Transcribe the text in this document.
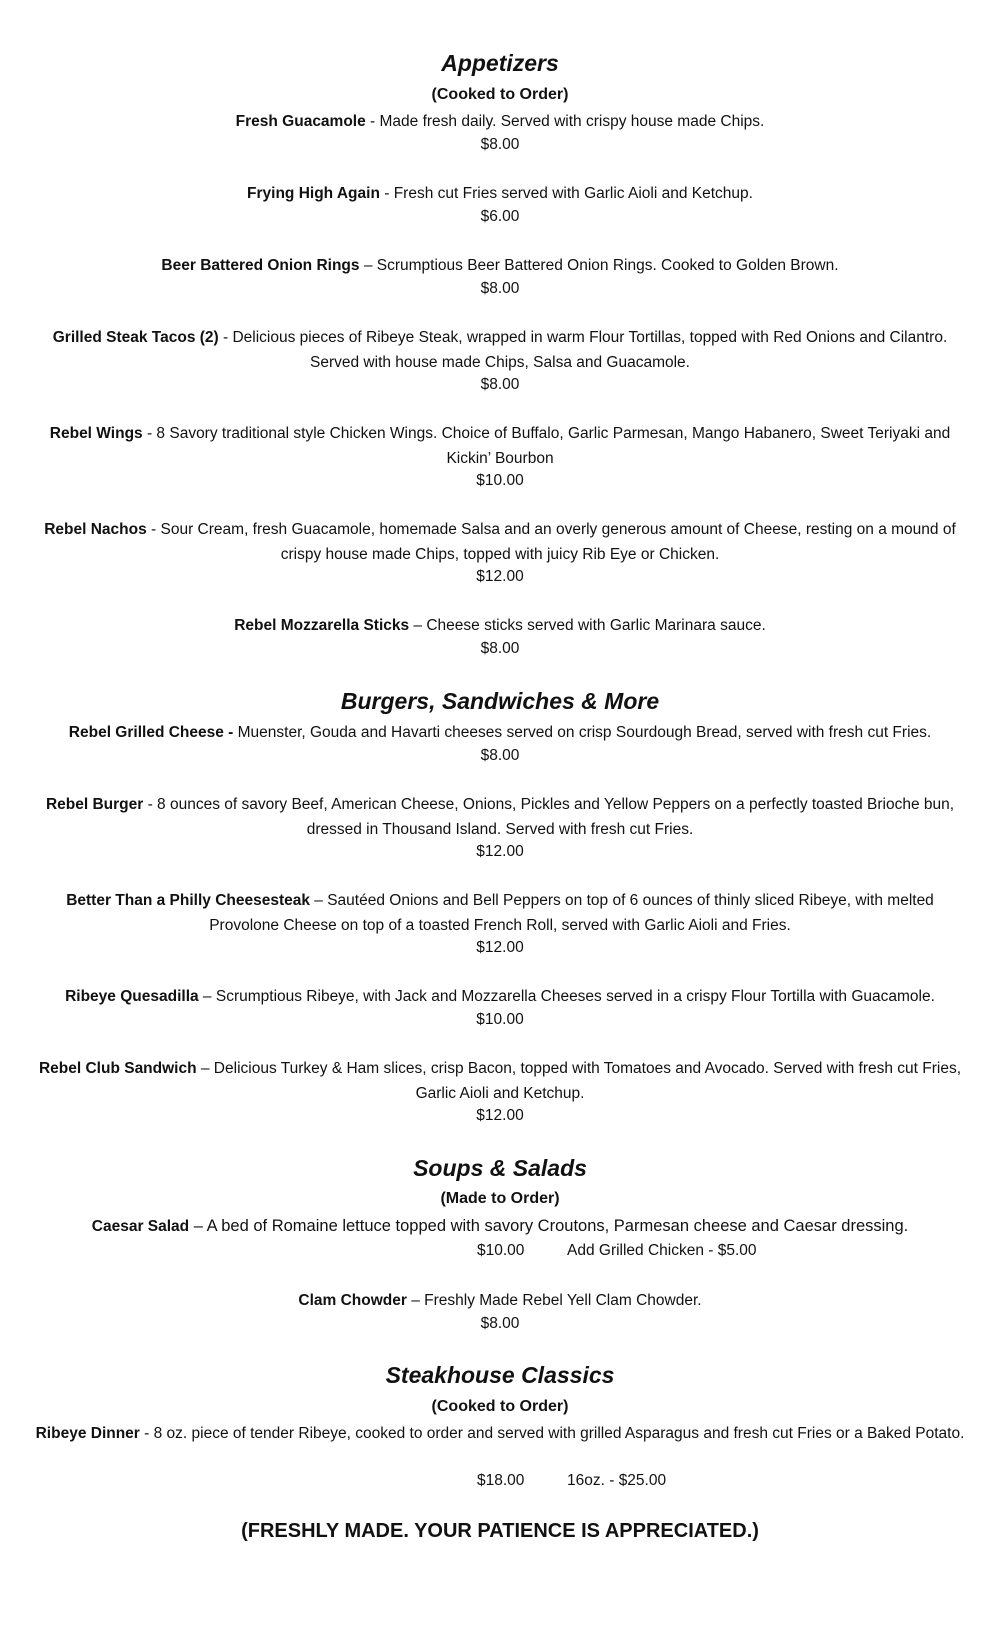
Appetizers
(Cooked to Order)

Fresh Guacamole - Made fresh daily. Served with crispy house made Chips.

$8.00

Frying High Again - Fresh cut Fries served with Garlic Aioli and Ketchup.

$6.00

Beer Battered Onion Rings – Scrumptious Beer Battered Onion Rings. Cooked to Golden Brown.

$8.00

Grilled Steak Tacos (2) - Delicious pieces of Ribeye Steak, wrapped in warm Flour Tortillas, topped with Red Onions and Cilantro. Served with house made Chips, Salsa and Guacamole.

$8.00

Rebel Wings - 8 Savory traditional style Chicken Wings. Choice of Buffalo, Garlic Parmesan, Mango Habanero, Sweet Teriyaki and Kickin’ Bourbon

$10.00

Rebel Nachos - Sour Cream, fresh Guacamole, homemade Salsa and an overly generous amount of Cheese, resting on a mound of crispy house made Chips, topped with juicy Rib Eye or Chicken.

$12.00

Rebel Mozzarella Sticks – Cheese sticks served with Garlic Marinara sauce.

$8.00
Burgers, Sandwiches & More

Rebel Grilled Cheese - Muenster, Gouda and Havarti cheeses served on crisp Sourdough Bread, served with fresh cut Fries.

$8.00

Rebel Burger - 8 ounces of savory Beef, American Cheese, Onions, Pickles and Yellow Peppers on a perfectly toasted Brioche bun, dressed in Thousand Island. Served with fresh cut Fries.

$12.00

Better Than a Philly Cheesesteak – Sautéed Onions and Bell Peppers on top of 6 ounces of thinly sliced Ribeye, with melted Provolone Cheese on top of a toasted French Roll, served with Garlic Aioli and Fries.

$12.00

Ribeye Quesadilla – Scrumptious Ribeye, with Jack and Mozzarella Cheeses served in a crispy Flour Tortilla with Guacamole.

$10.00

Rebel Club Sandwich – Delicious Turkey & Ham slices, crisp Bacon, topped with Tomatoes and Avocado. Served with fresh cut Fries, Garlic Aioli and Ketchup.

$12.00
Soups & Salads
(Made to Order)

Caesar Salad – A bed of Romaine lettuce topped with savory Croutons, Parmesan cheese and Caesar dressing.

$10.00	Add Grilled Chicken - $5.00

Clam Chowder – Freshly Made Rebel Yell Clam Chowder.

$8.00
Steakhouse Classics
(Cooked to Order)

Ribeye Dinner - 8 oz. piece of tender Ribeye, cooked to order and served with grilled Asparagus and fresh cut Fries or a Baked Potato.

$18.00	16oz. - $25.00
(FRESHLY MADE. YOUR PATIENCE IS APPRECIATED.)
